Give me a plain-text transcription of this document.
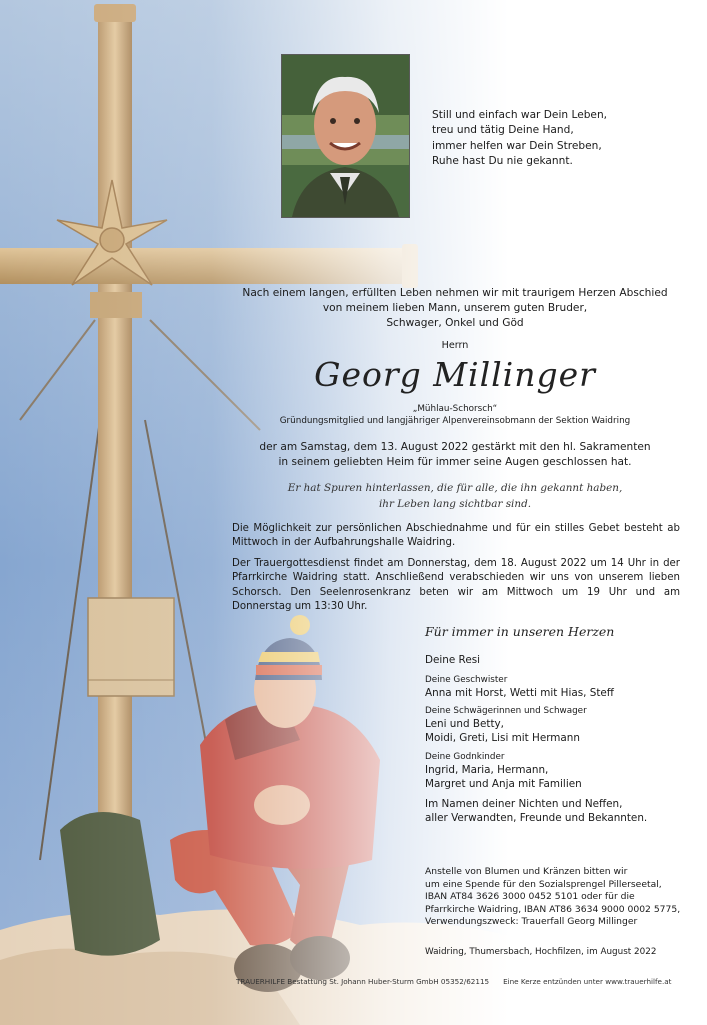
Still und einfach war Dein Leben,
treu und tätig Deine Hand,
immer helfen war Dein Streben,
Ruhe hast Du nie gekannt.
Nach einem langen, erfüllten Leben nehmen wir mit traurigem Herzen Abschied
von meinem lieben Mann, unserem guten Bruder,
Schwager, Onkel und Göd
Herrn
Georg Millinger
„Mühlau-Schorsch“
Gründungsmitglied und langjähriger Alpenvereinsobmann der Sektion Waidring
der am Samstag, dem 13. August 2022 gestärkt mit den hl. Sakramenten
in seinem geliebten Heim für immer seine Augen geschlossen hat.
Er hat Spuren hinterlassen, die für alle, die ihn gekannt haben,
ihr Leben lang sichtbar sind.
Die Möglichkeit zur persönlichen Abschiednahme und für ein stilles Gebet besteht ab Mittwoch in der Aufbahrungshalle Waidring.
Der Trauergottesdienst findet am Donnerstag, dem 18. August 2022 um 14 Uhr in der Pfarrkirche Waidring statt. Anschließend verabschieden wir uns von unserem lieben Schorsch. Den Seelenrosenkranz beten wir am Mittwoch um 19 Uhr und am Donnerstag um 13:30 Uhr.
Für immer in unseren Herzen
Deine Resi
Deine Geschwister
Anna mit Horst, Wetti mit Hias, Steff
Deine Schwägerinnen und Schwager
Leni und Betty,
Moidi, Greti, Lisi mit Hermann
Deine Godnkinder
Ingrid, Maria, Hermann,
Margret und Anja mit Familien
Im Namen deiner Nichten und Neffen,
aller Verwandten, Freunde und Bekannten.
Anstelle von Blumen und Kränzen bitten wir
um eine Spende für den Sozialsprengel Pillerseetal,
IBAN AT84 3626 3000 0452 5101 oder für die
Pfarrkirche Waidring, IBAN AT86 3634 9000 0002 5775,
Verwendungszweck: Trauerfall Georg Millinger
Waidring, Thumersbach, Hochfilzen, im August 2022
TRAUERHILFE Bestattung St. Johann Huber-Sturm GmbH 05352/62115 Eine Kerze entzünden unter www.trauerhilfe.at
